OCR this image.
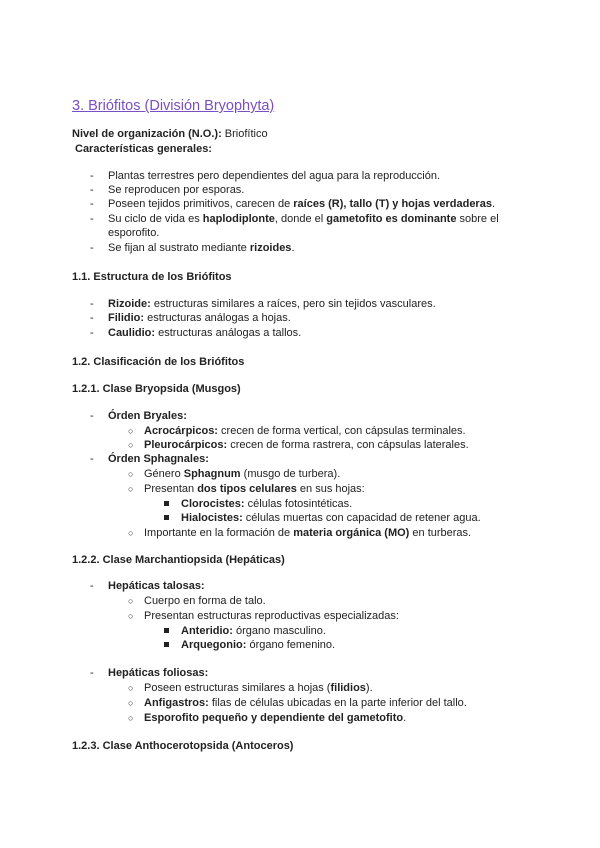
3. Briófitos (División Bryophyta)
Nivel de organización (N.O.): Briofítico
Características generales:
- Plantas terrestres pero dependientes del agua para la reproducción.
- Se reproducen por esporas.
- Poseen tejidos primitivos, carecen de raíces (R), tallo (T) y hojas verdaderas.
- Su ciclo de vida es haplodiplonte, donde el gametofito es dominante sobre el
esporofito.
- Se fijan al sustrato mediante rizoides.
1.1. Estructura de los Briófitos
- Rizoide: estructuras similares a raíces, pero sin tejidos vasculares.
- Filidio: estructuras análogas a hojas.
- Caulidio: estructuras análogas a tallos.
1.2. Clasificación de los Briófitos
1.2.1. Clase Bryopsida (Musgos)
- Órden Bryales:
○ Acrocárpicos: crecen de forma vertical, con cápsulas terminales.
○ Pleurocárpicos: crecen de forma rastrera, con cápsulas laterales.
- Órden Sphagnales:
○ Género Sphagnum (musgo de turbera).
○ Presentan dos tipos celulares en sus hojas:
Clorocistes: células fotosintéticas.
Hialocistes: células muertas con capacidad de retener agua.
○ Importante en la formación de materia orgánica (MO) en turberas.
1.2.2. Clase Marchantiopsida (Hepáticas)
- Hepáticas talosas:
○ Cuerpo en forma de talo.
○ Presentan estructuras reproductivas especializadas:
Anteridio: órgano masculino.
Arquegonio: órgano femenino.
- Hepáticas foliosas:
○ Poseen estructuras similares a hojas (filidios).
○ Anfigastros: filas de células ubicadas en la parte inferior del tallo.
○ Esporofito pequeño y dependiente del gametofito.
1.2.3. Clase Anthocerotopsida (Antoceros)
